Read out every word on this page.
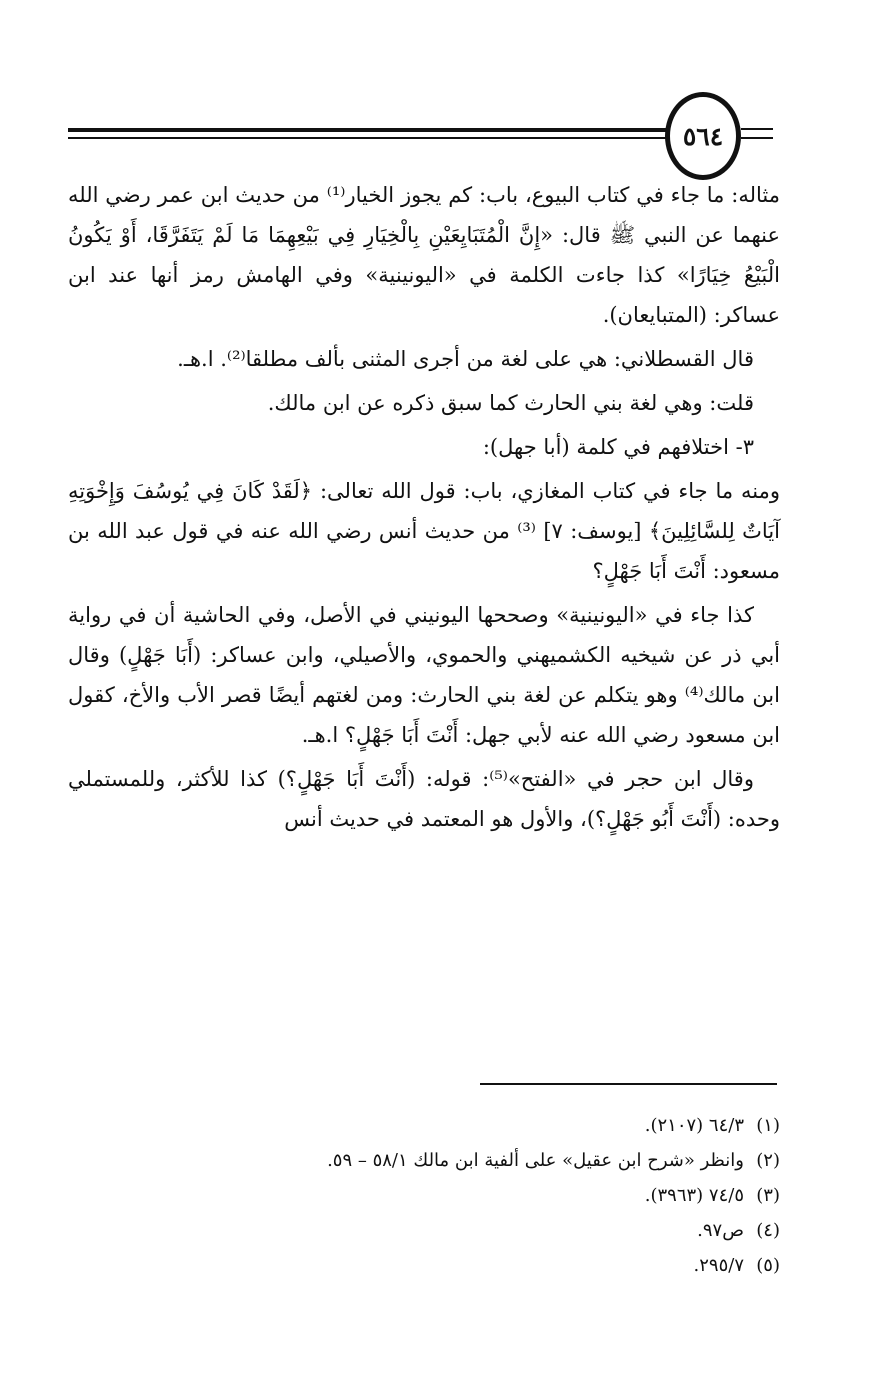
٥٦٤

مثاله: ما جاء في كتاب البيوع، باب: كم يجوز الخيار⁽¹⁾ من حديث ابن عمر رضي الله عنهما عن النبي ﷺ قال: «إِنَّ الْمُتَبَايِعَيْنِ بِالْخِيَارِ فِي بَيْعِهِمَا مَا لَمْ يَتَفَرَّقَا، أَوْ يَكُونُ الْبَيْعُ خِيَارًا» كذا جاءت الكلمة في «اليونينية» وفي الهامش رمز أنها عند ابن عساكر: (المتبايعان).

قال القسطلاني: هي على لغة من أجرى المثنى بألف مطلقا⁽²⁾. ا.هـ.

قلت: وهي لغة بني الحارث كما سبق ذكره عن ابن مالك.

٣- اختلافهم في كلمة (أبا جهل):

ومنه ما جاء في كتاب المغازي، باب: قول الله تعالى: ﴿لَقَدْ كَانَ فِي يُوسُفَ وَإِخْوَتِهِ آيَاتٌ لِلسَّائِلِينَ﴾ [يوسف: ٧] ⁽³⁾ من حديث أنس رضي الله عنه في قول عبد الله بن مسعود: أَنْتَ أَبَا جَهْلٍ؟

كذا جاء في «اليونينية» وصححها اليونيني في الأصل، وفي الحاشية أن في رواية أبي ذر عن شيخيه الكشميهني والحموي، والأصيلي، وابن عساكر: (أَبَا جَهْلٍ) وقال ابن مالك⁽⁴⁾ وهو يتكلم عن لغة بني الحارث: ومن لغتهم أيضًا قصر الأب والأخ، كقول ابن مسعود رضي الله عنه لأبي جهل: أَنْتَ أَبَا جَهْلٍ؟ ا.هـ.

وقال ابن حجر في «الفتح»⁽⁵⁾: قوله: (أَنْتَ أَبَا جَهْلٍ؟) كذا للأكثر، وللمستملي وحده: (أَنْتَ أَبُو جَهْلٍ؟)، والأول هو المعتمد في حديث أنس

(١)
٦٤/٣ (٢١٠٧).
(٢)
وانظر «شرح ابن عقيل» على ألفية ابن مالك ٥٨/١ – ٥٩.
(٣)
٧٤/٥ (٣٩٦٣).
(٤)
ص٩٧.
(٥)
٢٩٥/٧.
